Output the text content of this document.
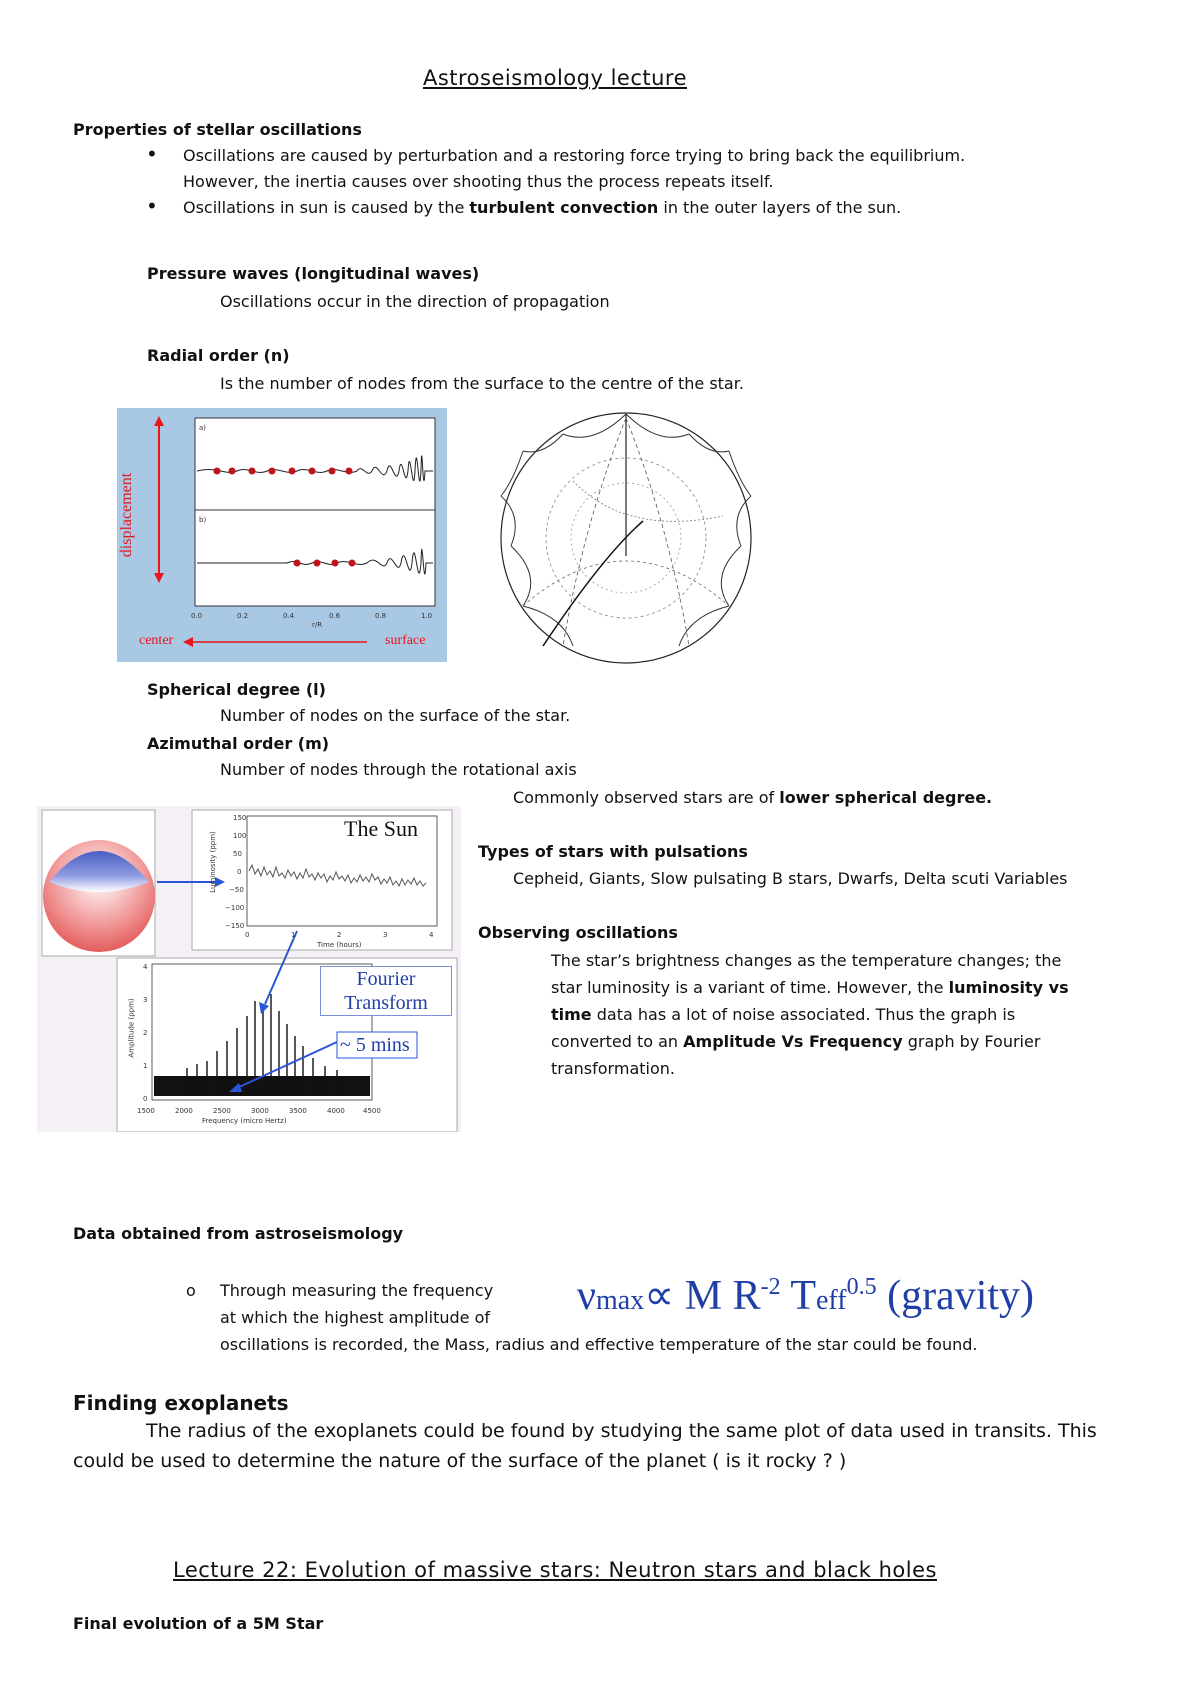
Astroseismology lecture
Properties of stellar oscillations
• Oscillations are caused by perturbation and a restoring force trying to bring back the equilibrium.
However, the inertia causes over shooting thus the process repeats itself.
• Oscillations in sun is caused by the turbulent convection in the outer layers of the sun.
Pressure waves (longitudinal waves)
Oscillations occur in the direction of propagation
Radial order (n)
Is the number of nodes from the surface to the centre of the star.
0.0	0.2	0.4	0.6	0.8	1.0
r/R
a)
b)
displacement
center	surface
Spherical degree (l)
Number of nodes on the surface of the star.
Azimuthal order (m)
Number of nodes through the rotational axis
Commonly observed stars are of lower spherical degree.
150
100
50
0
−50
−100
−150
0	1	2	3	4
Time (hours)
4
3
2
1
0
1500	2000	2500	3000	3500	4000	4500
Frequency (micro Hertz)
Luminosity (ppm)
Amplitude (ppm)
The Sun
Fourier
Transform
~ 5 mins
Types of stars with pulsations
Cepheid, Giants, Slow pulsating B stars, Dwarfs, Delta scuti Variables
Observing oscillations
The star’s brightness changes as the temperature changes; the
star luminosity is a variant of time. However, the luminosity vs
time data has a lot of noise associated. Thus the graph is
converted to an Amplitude Vs Frequency graph by Fourier
transformation.
Data obtained from astroseismology
o Through measuring the frequency
at which the highest amplitude of
oscillations is recorded, the Mass, radius and effective temperature of the star could be found.
νmax∝ M $R^{-2}$ Teff$^{0.5}$ (gravity)
Finding exoplanets
The radius of the exoplanets could be found by studying the same plot of data used in transits. This
could be used to determine the nature of the surface of the planet ( is it rocky ? )
Lecture 22: Evolution of massive stars: Neutron stars and black holes
Final evolution of a 5M Star
